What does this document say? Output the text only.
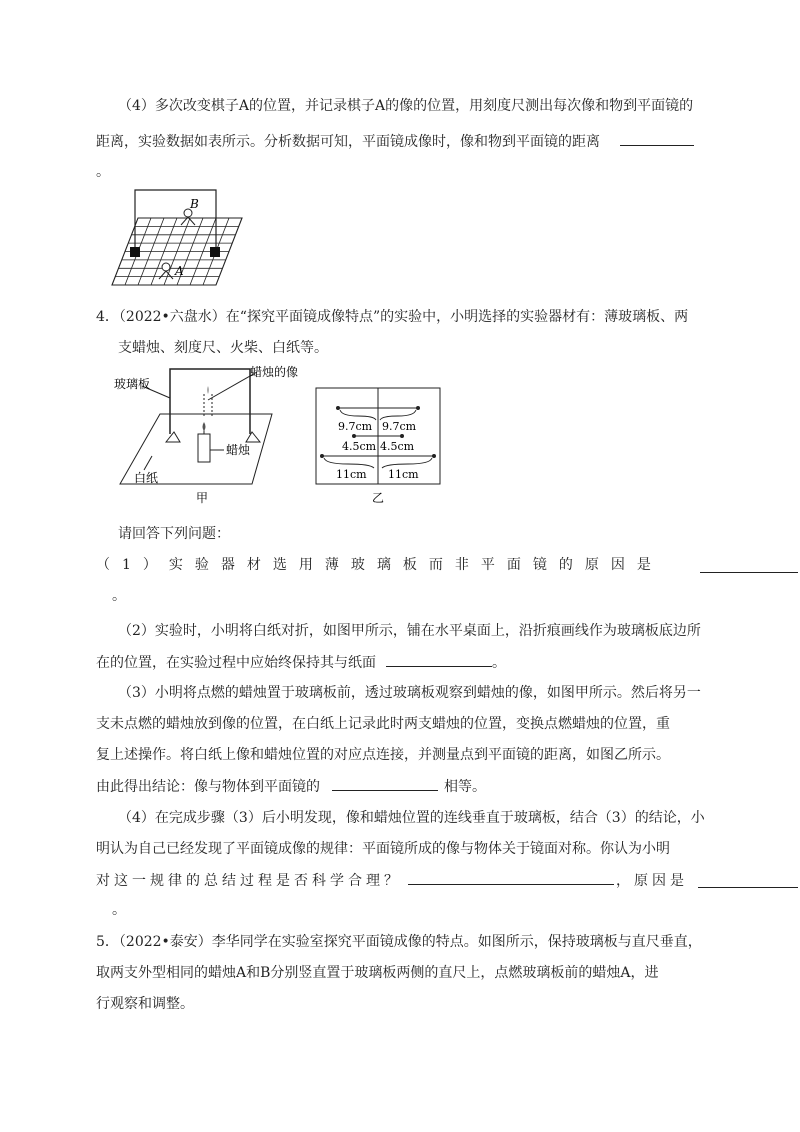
（4）多次改变棋子A的位置，并记录棋子A的像的位置，用刻度尺测出每次像和物到平面镜的
距离，实验数据如表所示。分析数据可知，平面镜成像时，像和物到平面镜的距离
。
B
A
4．（2022•六盘水）在“探究平面镜成像特点”的实验中，小明选择的实验器材有：薄玻璃板、两
支蜡烛、刻度尺、火柴、白纸等。
玻璃板
蜡烛的像
蜡烛
白纸
甲
9.7cm 9.7cm
4.5cm 4.5cm
11cm 11cm
乙
请回答下列问题：
（1）实验器材选用薄玻璃板而非平面镜的原因是
。
（2）实验时，小明将白纸对折，如图甲所示，铺在水平桌面上，沿折痕画线作为玻璃板底边所
在的位置，在实验过程中应始终保持其与纸面	。
（3）小明将点燃的蜡烛置于玻璃板前，透过玻璃板观察到蜡烛的像，如图甲所示。然后将另一
支未点燃的蜡烛放到像的位置，在白纸上记录此时两支蜡烛的位置，变换点燃蜡烛的位置，重
复上述操作。将白纸上像和蜡烛位置的对应点连接，并测量点到平面镜的距离，如图乙所示。
由此得出结论：像与物体到平面镜的	相等。
（4）在完成步骤（3）后小明发现，像和蜡烛位置的连线垂直于玻璃板，结合（3）的结论，小
明认为自己已经发现了平面镜成像的规律：平面镜所成的像与物体关于镜面对称。你认为小明
对这一规律的总结过程是否科学合理？	，原因是
。
5．（2022•泰安）李华同学在实验室探究平面镜成像的特点。如图所示，保持玻璃板与直尺垂直，
取两支外型相同的蜡烛A和B分别竖直置于玻璃板两侧的直尺上，点燃玻璃板前的蜡烛A，进
行观察和调整。
